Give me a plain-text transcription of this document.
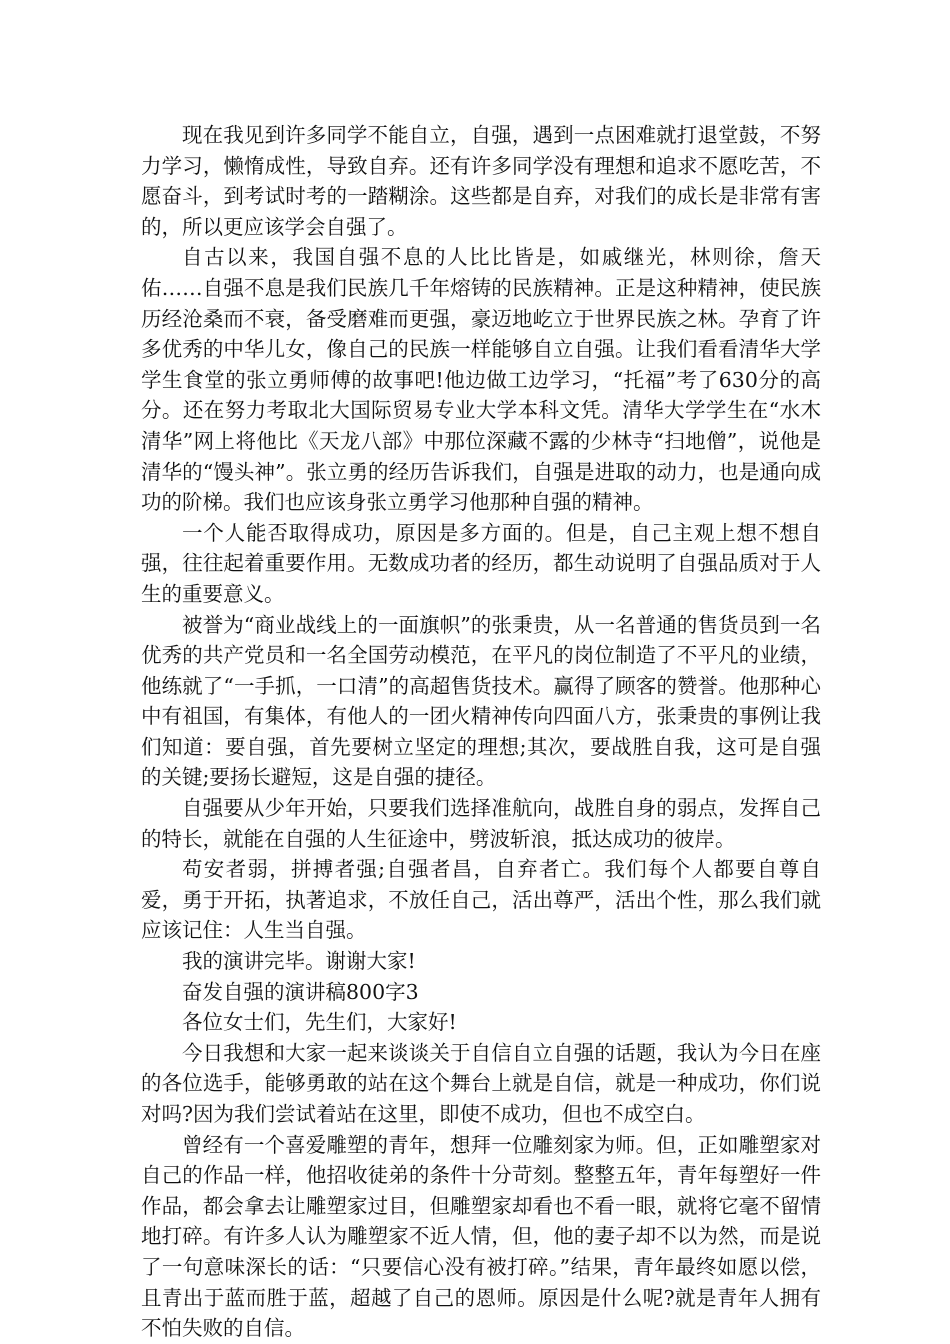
现在我见到许多同学不能自立，自强，遇到一点困难就打退堂鼓，不努力学习，懒惰成性，导致自弃。还有许多同学没有理想和追求不愿吃苦，不愿奋斗，到考试时考的一踏糊涂。这些都是自弃，对我们的成长是非常有害的，所以更应该学会自强了。

自古以来，我国自强不息的人比比皆是，如戚继光，林则徐，詹天佑……自强不息是我们民族几千年熔铸的民族精神。正是这种精神，使民族历经沧桑而不衰，备受磨难而更强，豪迈地屹立于世界民族之林。孕育了许多优秀的中华儿女，像自己的民族一样能够自立自强。让我们看看清华大学学生食堂的张立勇师傅的故事吧!他边做工边学习，“托福”考了630分的高分。还在努力考取北大国际贸易专业大学本科文凭。清华大学学生在“水木清华”网上将他比《天龙八部》中那位深藏不露的少林寺“扫地僧”，说他是清华的“馒头神”。张立勇的经历告诉我们，自强是进取的动力，也是通向成功的阶梯。我们也应该身张立勇学习他那种自强的精神。

一个人能否取得成功，原因是多方面的。但是，自己主观上想不想自强，往往起着重要作用。无数成功者的经历，都生动说明了自强品质对于人生的重要意义。

被誉为“商业战线上的一面旗帜”的张秉贵，从一名普通的售货员到一名优秀的共产党员和一名全国劳动模范，在平凡的岗位制造了不平凡的业绩，他练就了“一手抓，一口清”的高超售货技术。赢得了顾客的赞誉。他那种心中有祖国，有集体，有他人的一团火精神传向四面八方，张秉贵的事例让我们知道：要自强，首先要树立坚定的理想;其次，要战胜自我，这可是自强的关键;要扬长避短，这是自强的捷径。

自强要从少年开始，只要我们选择准航向，战胜自身的弱点，发挥自己的特长，就能在自强的人生征途中，劈波斩浪，抵达成功的彼岸。

苟安者弱，拼搏者强;自强者昌，自弃者亡。我们每个人都要自尊自爱，勇于开拓，执著追求，不放任自己，活出尊严，活出个性，那么我们就应该记住：人生当自强。

我的演讲完毕。谢谢大家!

奋发自强的演讲稿800字3

各位女士们，先生们，大家好!

今日我想和大家一起来谈谈关于自信自立自强的话题，我认为今日在座的各位选手，能够勇敢的站在这个舞台上就是自信，就是一种成功，你们说对吗?因为我们尝试着站在这里，即使不成功，但也不成空白。

曾经有一个喜爱雕塑的青年，想拜一位雕刻家为师。但，正如雕塑家对自己的作品一样，他招收徒弟的条件十分苛刻。整整五年，青年每塑好一件作品，都会拿去让雕塑家过目，但雕塑家却看也不看一眼，就将它毫不留情地打碎。有许多人认为雕塑家不近人情，但，他的妻子却不以为然，而是说了一句意味深长的话：“只要信心没有被打碎。”结果，青年最终如愿以偿，且青出于蓝而胜于蓝，超越了自己的恩师。原因是什么呢?就是青年人拥有不怕失败的自信。
